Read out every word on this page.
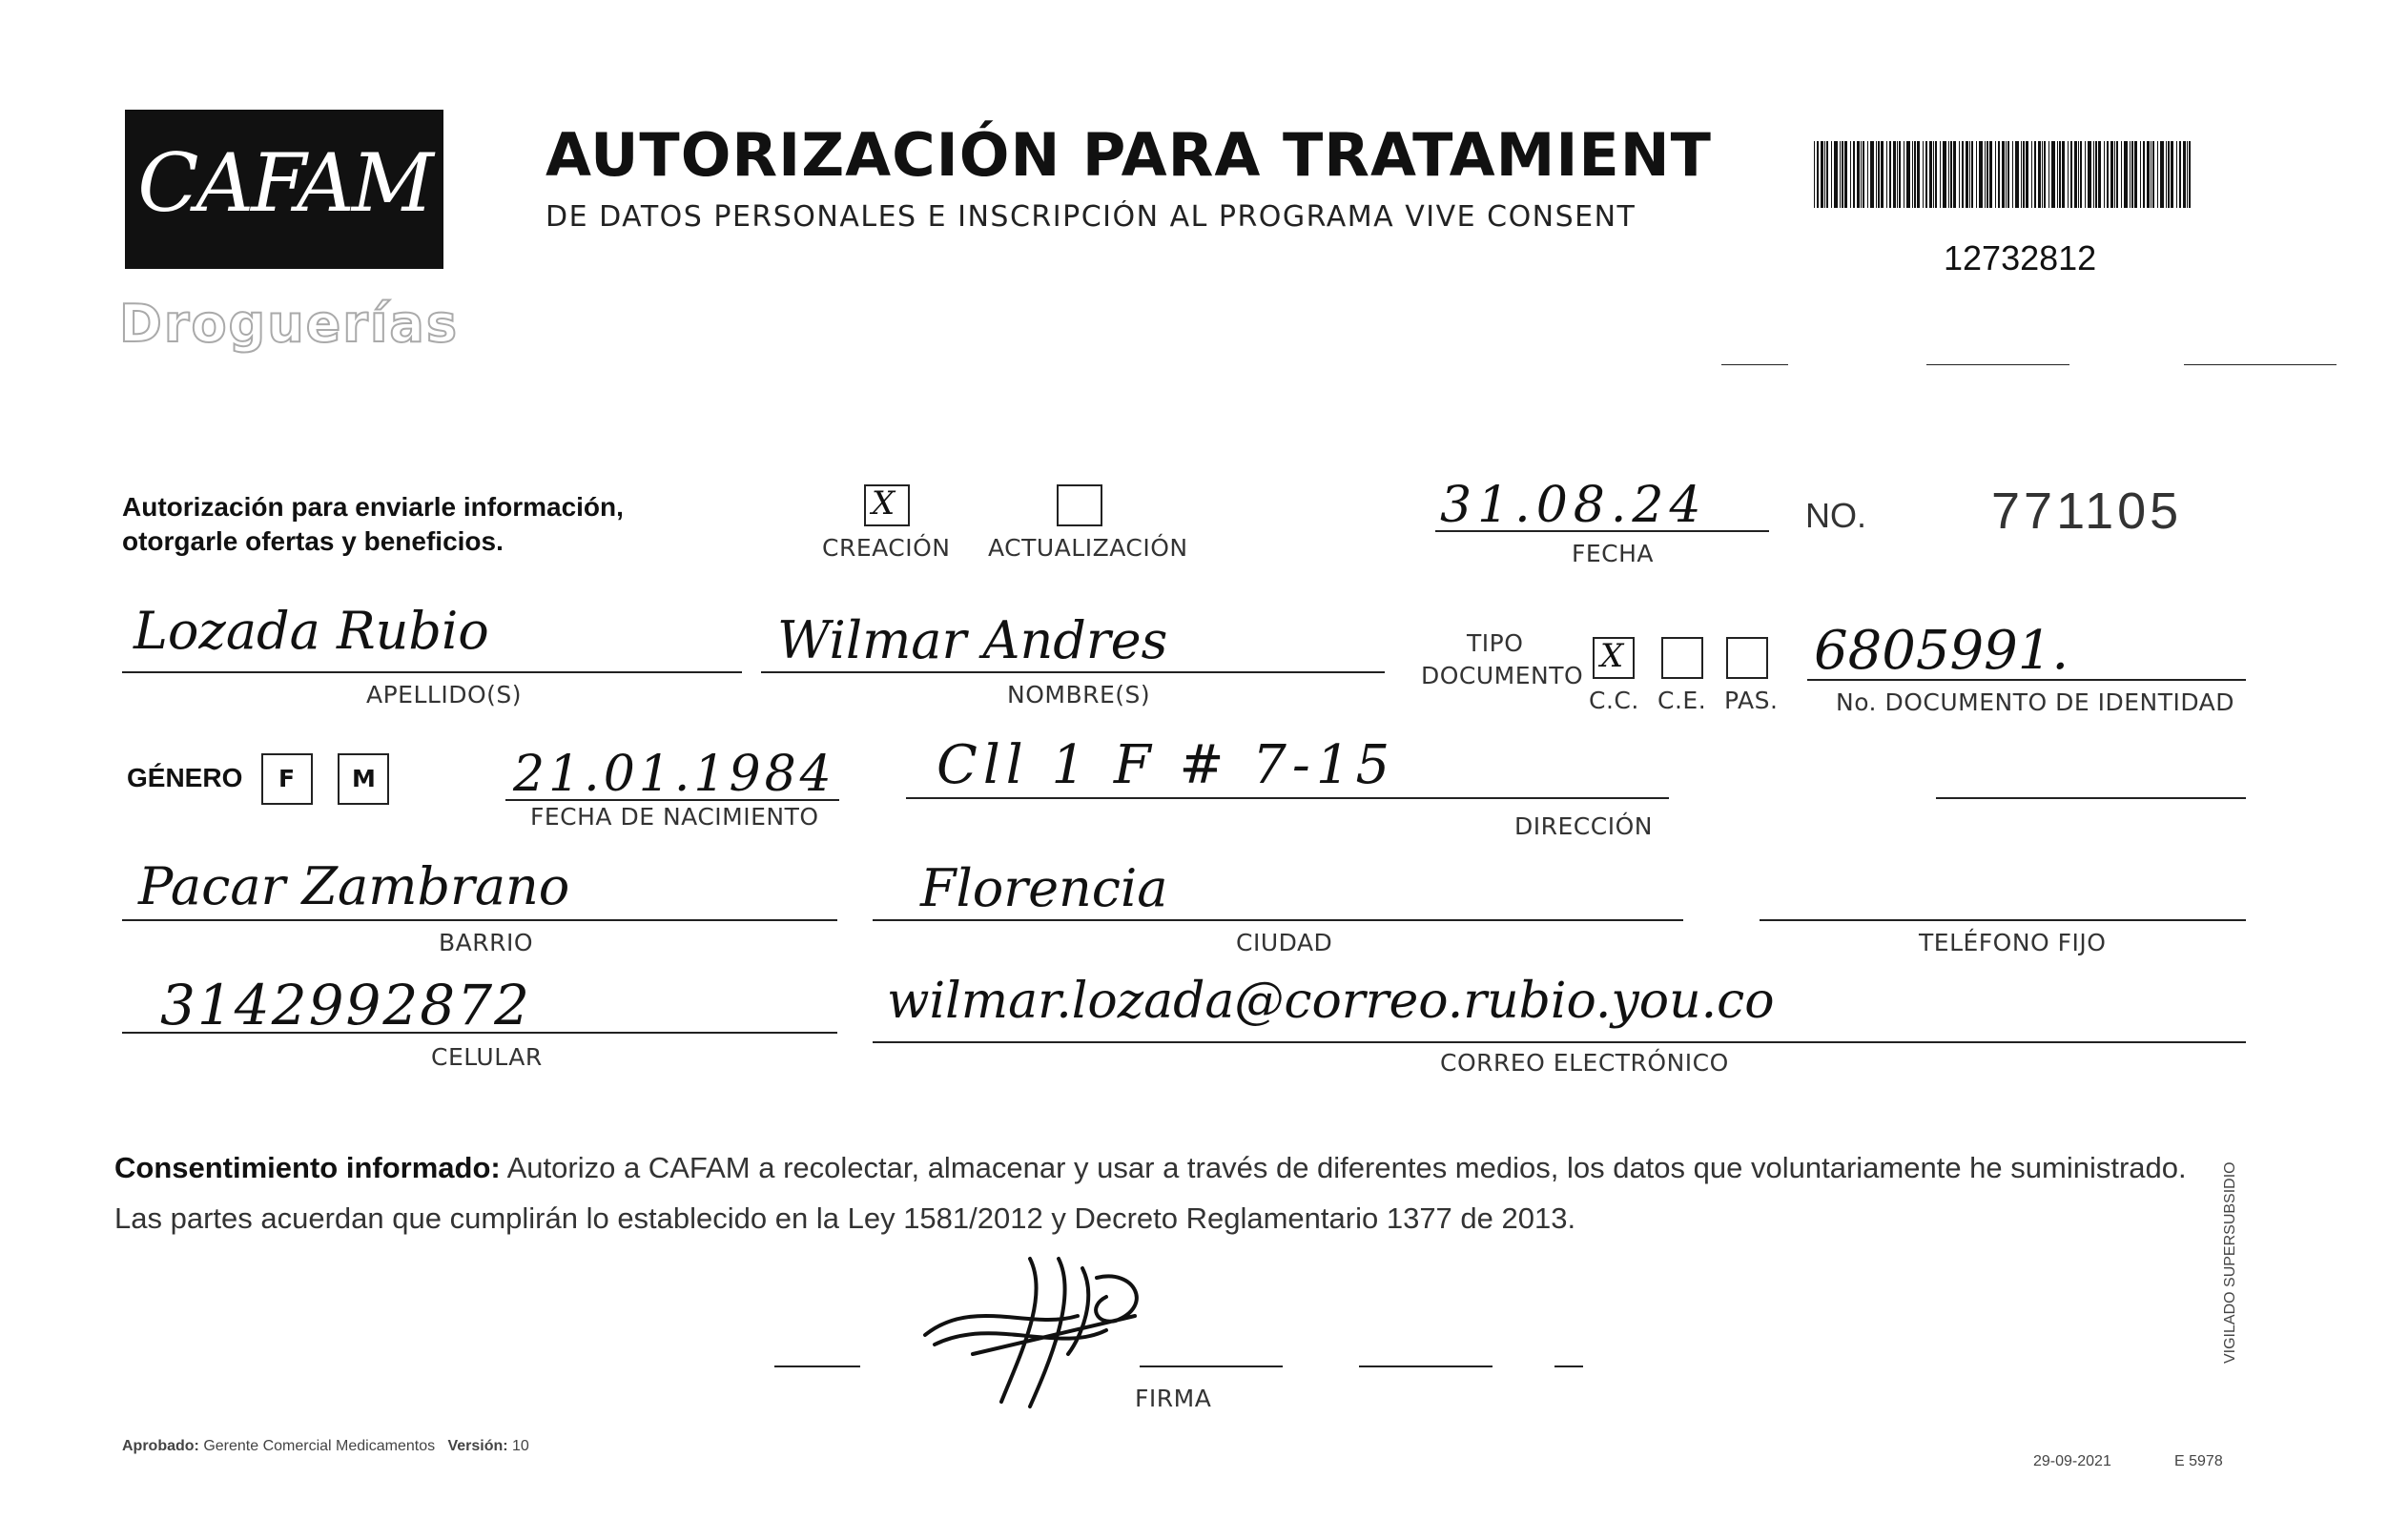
CAFAM
Droguerías
AUTORIZACIÓN PARA TRATAMIENT
DE DATOS PERSONALES E INSCRIPCIÓN AL PROGRAMA VIVE CONSENT
12732812
Autorización para enviarle información,
otorgarle ofertas y beneficios.
X
CREACIÓN ACTUALIZACIÓN
31.08.24
FECHA
NO. 771105
Lozada Rubio
APELLIDO(S)
Wilmar Andres
NOMBRE(S)
TIPO
DOCUMENTO
X
C.C. C.E. PAS.
6805991.
No. DOCUMENTO DE IDENTIDAD
GÉNERO F M	21.01.1984
FECHA DE NACIMIENTO
Cll 1 F # 7-15
DIRECCIÓN
Pacar Zambrano
BARRIO
Florencia
CIUDAD	TELÉFONO FIJO
3142992872
CELULAR
wilmar.lozada@correo.rubio.you.co
CORREO ELECTRÓNICO
Consentimiento informado: Autorizo a CAFAM a recolectar, almacenar y usar a través de diferentes medios, los datos que voluntariamente he suministrado.
Las partes acuerdan que cumplirán lo establecido en la Ley 1581/2012 y Decreto Reglamentario 1377 de 2013.
FIRMA
Aprobado: Gerente Comercial Medicamentos Versión: 10
29-09-2021	E 5978
VIGILADO SUPERSUBSIDIO
